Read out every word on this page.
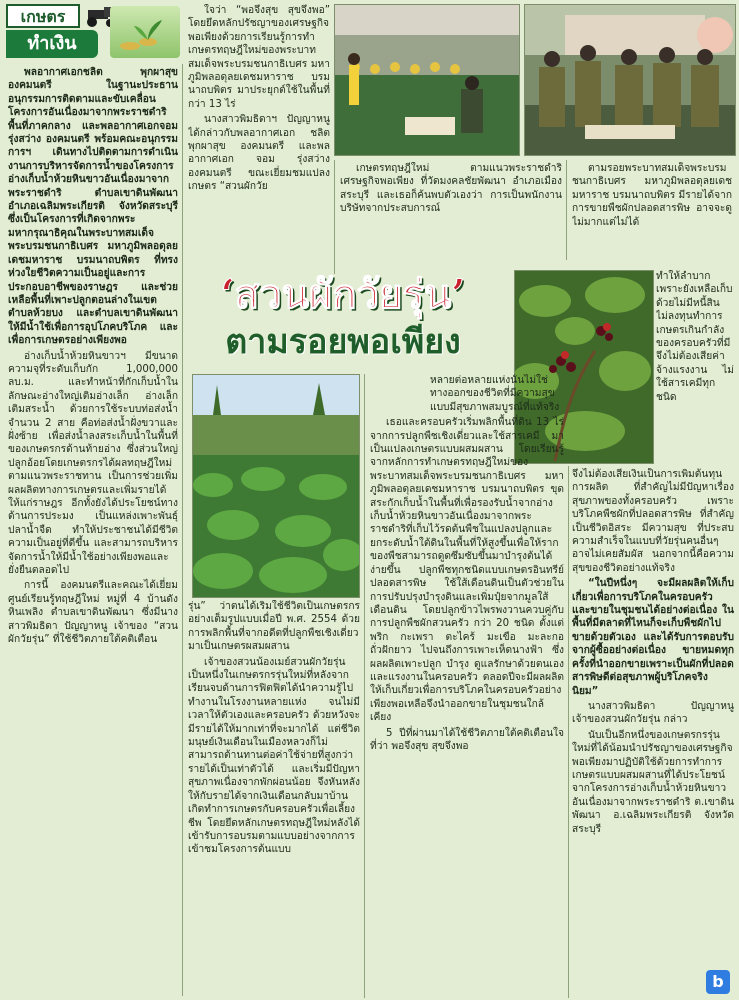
เกษตร
ทำเงิน

พลอากาศเอกชลิต พุกผาสุข องคมนตรี ในฐานะประธานอนุกรรมการติดตามและขับเคลื่อนโครงการอันเนื่องมาจากพระราชดำริพื้นที่ภาคกลาง และพลอากาศเอกจอม รุ่งสว่าง องคมนตรี พร้อมคณะอนุกรรมการฯ เดินทางไปติดตามการดำเนินงานการบริหารจัดการน้ำของโครงการอ่างเก็บน้ำห้วยหินขาวอันเนื่องมาจากพระราชดำริ ตำบลเขาดินพัฒนา อำเภอเฉลิมพระเกียรติ จังหวัดสระบุรี ซึ่งเป็นโครงการที่เกิดจากพระมหากรุณาธิคุณในพระบาทสมเด็จพระบรมชนกาธิเบศร มหาภูมิพลอดุลยเดชมหาราช บรมนาถบพิตร ที่ทรงห่วงใยชีวิตความเป็นอยู่และการประกอบอาชีพของราษฎร และช่วยเหลือพื้นที่เพาะปลูกตอนล่างในเขตตำบลห้วยบง และตำบลเขาดินพัฒนา ให้มีน้ำใช้เพื่อการอุปโภคบริโภค และเพื่อการเกษตรอย่างเพียงพอ

อ่างเก็บน้ำห้วยหินขาวฯ มีขนาดความจุที่ระดับเก็บกัก 1,000,000 ลบ.ม. และทำหน้าที่กักเก็บน้ำในลักษณะอ่างใหญ่เติมอ่างเล็ก อ่างเล็กเติมสระน้ำ ด้วยการใช้ระบบท่อส่งน้ำจำนวน 2 สาย คือท่อส่งน้ำฝั่งขวาและฝั่งซ้าย เพื่อส่งน้ำลงสระเก็บน้ำในพื้นที่ของเกษตรกรด้านท้ายอ่าง ซึ่งส่วนใหญ่ปลูกอ้อยโดยเกษตรกรได้ผลทฤษฎีใหม่ตามแนวพระราชทาน เป็นการช่วยเพิ่มผลผลิตทางการเกษตรและเพิ่มรายได้ให้แก่ราษฎร อีกทั้งยังได้ประโยชน์ทางด้านการประมง เป็นแหล่งเพาะพันธุ์ปลาน้ำจืด ทำให้ประชาชนได้มีชีวิตความเป็นอยู่ที่ดีขึ้น และสามารถบริหารจัดการน้ำให้มีน้ำใช้อย่างเพียงพอและยั่งยืนตลอดไป

การนี้ องคมนตรีและคณะได้เยี่ยมศูนย์เรียนรู้ทฤษฎีใหม่ หมู่ที่ 4 บ้านดังหินเพลิง ตำบลเขาดินพัฒนา ซึ่งมีนางสาวพิมธิดา ปัญญาหนู เจ้าของ “สวนผักวัยรุ่น” ที่ใช้ชีวิตภายใต้คติเตือน

ใจว่า “พอจึงสุข สุขจึงพอ” โดยยึดหลักปรัชญาของเศรษฐกิจพอเพียงด้วยการเรียนรู้การทำเกษตรทฤษฎีใหม่ของพระบาทสมเด็จพระบรมชนกาธิเบศร มหาภูมิพลอดุลยเดชมหาราช บรมนาถบพิตร มาประยุกต์ใช้ในพื้นที่กว่า 13 ไร่

นางสาวพิมธิดาฯ ปัญญาหนู ได้กล่าวกับพลอากาศเอก ชลิต พุกผาสุข องคมนตรี และพลอากาศเอก จอม รุ่งสว่าง องคมนตรี ขณะเยี่ยมชมแปลงเกษตร “สวนผักวัย

เกษตรทฤษฎีใหม่ ตามแนวพระราชดำริ เศรษฐกิจพอเพียง ที่วัดมงคลชัยพัฒนา อำเภอเมืองสระบุรี และเธอก็ค้นพบตัวเองว่า การเป็นพนักงานบริษัทจากประสบการณ์

ตามรอยพระบาทสมเด็จพระบรมชนกาธิเบศร มหาภูมิพลอดุลยเดชมหาราช บรมนาถบพิตร มีรายได้จากการขายพืชผักปลอดสารพิษ อาจจะดูไม่มากแต่ไม่ได้

‘สวนผักวัยรุ่น’
ตามรอยพอเพียง

รุ่น” ว่าตนได้เริ่มใช้ชีวิตเป็นเกษตรกรอย่างเต็มรูปแบบเมื่อปี พ.ศ. 2554 ด้วยการพลิกพื้นที่จากอดีตที่ปลูกพืชเชิงเดี่ยวมาเป็นเกษตรผสมผสาน

เจ้าของสวนน้องเมย์สวนผักวัยรุ่นเป็นหนึ่งในเกษตรกรรุ่นใหม่ที่หลังจากเรียนจบด้านการฟิตฟิตได้นำความรู้ไปทำงานในโรงงานหลายแห่ง จนไม่มีเวลาให้ตัวเองและครอบครัว ด้วยหวังจะมีรายได้ให้มากเท่าที่จะมากได้ แต่ชีวิตมนุษย์เงินเดือนในเมืองหลวงก็ไม่สามารถต้านทานต่อค่าใช้จ่ายที่สูงกว่ารายได้เป็นเท่าตัวได้ และเริ่มมีปัญหาสุขภาพเนื่องจากพักผ่อนน้อย จึงหันหลังให้กับรายได้จากเงินเดือนกลับมาบ้านเกิดทำการเกษตรกับครอบครัวเพื่อเลี้ยงชีพ โดยยึดหลักเกษตรทฤษฎีใหม่หลังได้เข้ารับการอบรมตามแบบอย่างจากการเข้าชมโครงการต้นแบบ

หลายต่อหลายแห่งนั้นไม่ใช่ทางออกของชีวิตที่มีความสุขแบบมีสุขภาพสมบูรณ์ที่แท้จริง

เธอและครอบครัวเริ่มพลิกพื้นที่ดิน 13 ไร่จากการปลูกพืชเชิงเดี่ยวและใช้สารเคมี มาเป็นแปลงเกษตรแบบผสมผสาน โดยเรียนรู้จากหลักการทำเกษตรทฤษฎีใหม่ของพระบาทสมเด็จพระบรมชนกาธิเบศร มหาภูมิพลอดุลยเดชมหาราช บรมนาถบพิตร ขุดสระกักเก็บน้ำในพื้นที่เพื่อรองรับน้ำจากอ่างเก็บน้ำห้วยหินขาวอันเนื่องมาจากพระราชดำริที่เก็บไว้รดต้นพืชในแปลงปลูกและยกระดับน้ำใต้ดินในพื้นที่ให้สูงขึ้นเพื่อให้รากของพืชสามารถดูดซึมซับขึ้นมาบำรุงต้นได้ง่ายขึ้น ปลูกพืชทุกชนิดแบบเกษตรอินทรีย์ปลอดสารพิษ ใช้ใส้เดือนดินเป็นตัวช่วยในการปรับปรุงบำรุงดินและเพิ่มปุ๋ยจากมูลใส้เดือนดิน โดยปลูกข้าวไพรพงวานควบคู่กับการปลูกพืชผักสวนครัว กว่า 20 ชนิด ตั้งแต่ พริก กะเพรา ตะไคร้ มะเขือ มะละกอ ถั่วฝักยาว ไปจนถึงการเพาะเห็ดนางฟ้า ซึ่งผลผลิตเพาะปลูก บำรุง ดูแลรักษาด้วยตนเองและแรงงานในครอบครัว ตลอดปีจะมีผลผลิตให้เก็บเกี่ยวเพื่อการบริโภคในครอบครัวอย่างเพียงพอเหลือจึงนำออกขายในชุมชนใกล้เคียง

5 ปีที่ผ่านมาได้ใช้ชีวิตภายใต้คติเตือนใจที่ว่า พอจึงสุข สุขจึงพอ

ทำให้ลำบาก เพราะยังเหลือเก็บด้วยไม่มีหนี้สิน ไม่ลงทุนทำการเกษตรเกินกำลังของครอบครัวที่มีจึงไม่ต้องเสียค่าจ้างแรงงาน ไม่ใช้สารเคมีทุกชนิด

จึงไม่ต้องเสียเงินเป็นการเพิ่มต้นทุนการผลิต ที่สำคัญไม่มีปัญหาเรื่องสุขภาพของทั้งครอบครัว เพราะบริโภคพืชผักที่ปลอดสารพิษ ที่สำคัญเป็นชีวิตอิสระ มีความสุข ที่ประสบความสำเร็จในแบบที่วัยรุ่นคนอื่นๆ อาจไม่เคยสัมผัส นอกจากนี้คือความสุขของชีวิตอย่างแท้จริง

“ในปีหนึ่งๆ จะมีผลผลิตให้เก็บเกี่ยวเพื่อการบริโภคในครอบครัว และขายในชุมชนได้อย่างต่อเนื่อง ในพื้นที่มีตลาดที่ไหนก็จะเก็บพืชผักไปขายด้วยตัวเอง และได้รับการตอบรับจากผู้ซื้ออย่างต่อเนื่อง ขายหมดทุกครั้งที่นำออกขายเพราะเป็นผักที่ปลอดสารพิษดีต่อสุขภาพผู้บริโภคจริงนิยม”

นางสาวพิมธิดา ปัญญาหนู เจ้าของสวนผักวัยรุ่น กล่าว

นับเป็นอีกหนึ่งของเกษตรกรรุ่นใหม่ที่ได้น้อมนำปรัชญาของเศรษฐกิจพอเพียงมาปฏิบัติใช้ด้วยการทำการเกษตรแบบผสมผสานที่ได้ประโยชน์จากโครงการอ่างเก็บน้ำห้วยหินขาวอันเนื่องมาจากพระราชดำริ ต.เขาดินพัฒนา อ.เฉลิมพระเกียรติ จังหวัดสระบุรี

b
